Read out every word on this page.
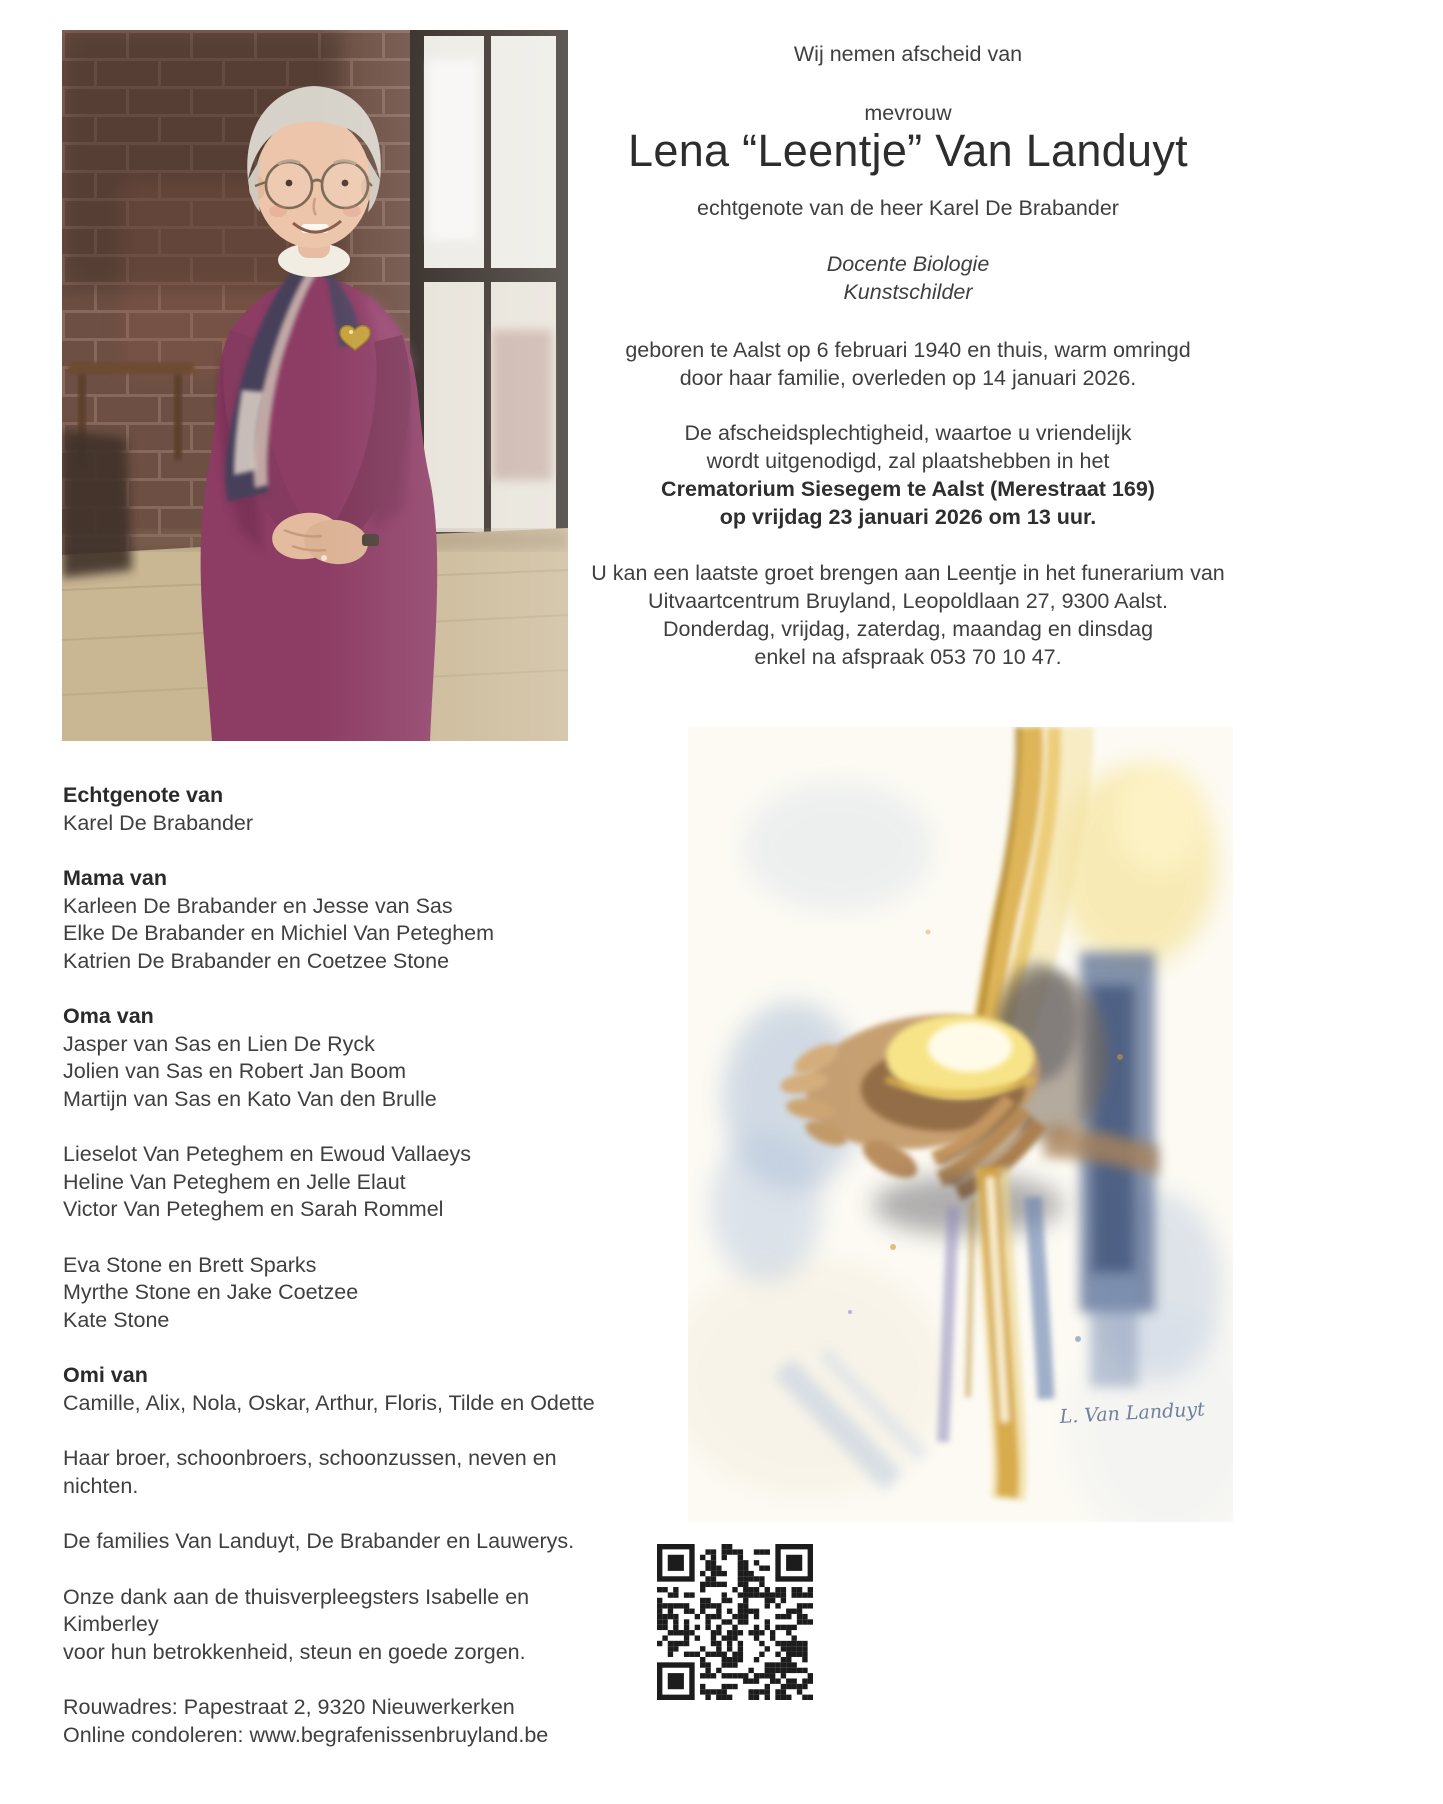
Wij nemen afscheid van
mevrouw
Lena “Leentje” Van Landuyt
echtgenote van de heer Karel De Brabander
Docente Biologie
Kunstschilder
geboren te Aalst op 6 februari 1940 en thuis, warm omringd
door haar familie, overleden op 14 januari 2026.
De afscheidsplechtigheid, waartoe u vriendelijk
wordt uitgenodigd, zal plaatshebben in het
Crematorium Siesegem te Aalst (Merestraat 169)
op vrijdag 23 januari 2026 om 13 uur.
U kan een laatste groet brengen aan Leentje in het funerarium van
Uitvaartcentrum Bruyland, Leopoldlaan 27, 9300 Aalst.
Donderdag, vrijdag, zaterdag, maandag en dinsdag
enkel na afspraak 053 70 10 47.
Echtgenote van
Karel De Brabander
Mama van
Karleen De Brabander en Jesse van Sas
Elke De Brabander en Michiel Van Peteghem
Katrien De Brabander en Coetzee Stone
Oma van
Jasper van Sas en Lien De Ryck
Jolien van Sas en Robert Jan Boom
Martijn van Sas en Kato Van den Brulle
Lieselot Van Peteghem en Ewoud Vallaeys
Heline Van Peteghem en Jelle Elaut
Victor Van Peteghem en Sarah Rommel
Eva Stone en Brett Sparks
Myrthe Stone en Jake Coetzee
Kate Stone
Omi van
Camille, Alix, Nola, Oskar, Arthur, Floris, Tilde en Odette
Haar broer, schoonbroers, schoonzussen, neven en nichten.
De families Van Landuyt, De Brabander en Lauwerys.
Onze dank aan de thuisverpleegsters Isabelle en Kimberley
voor hun betrokkenheid, steun en goede zorgen.
Rouwadres: Papestraat 2, 9320 Nieuwerkerken
Online condoleren: www.begrafenissenbruyland.be
L. Van Landuyt
